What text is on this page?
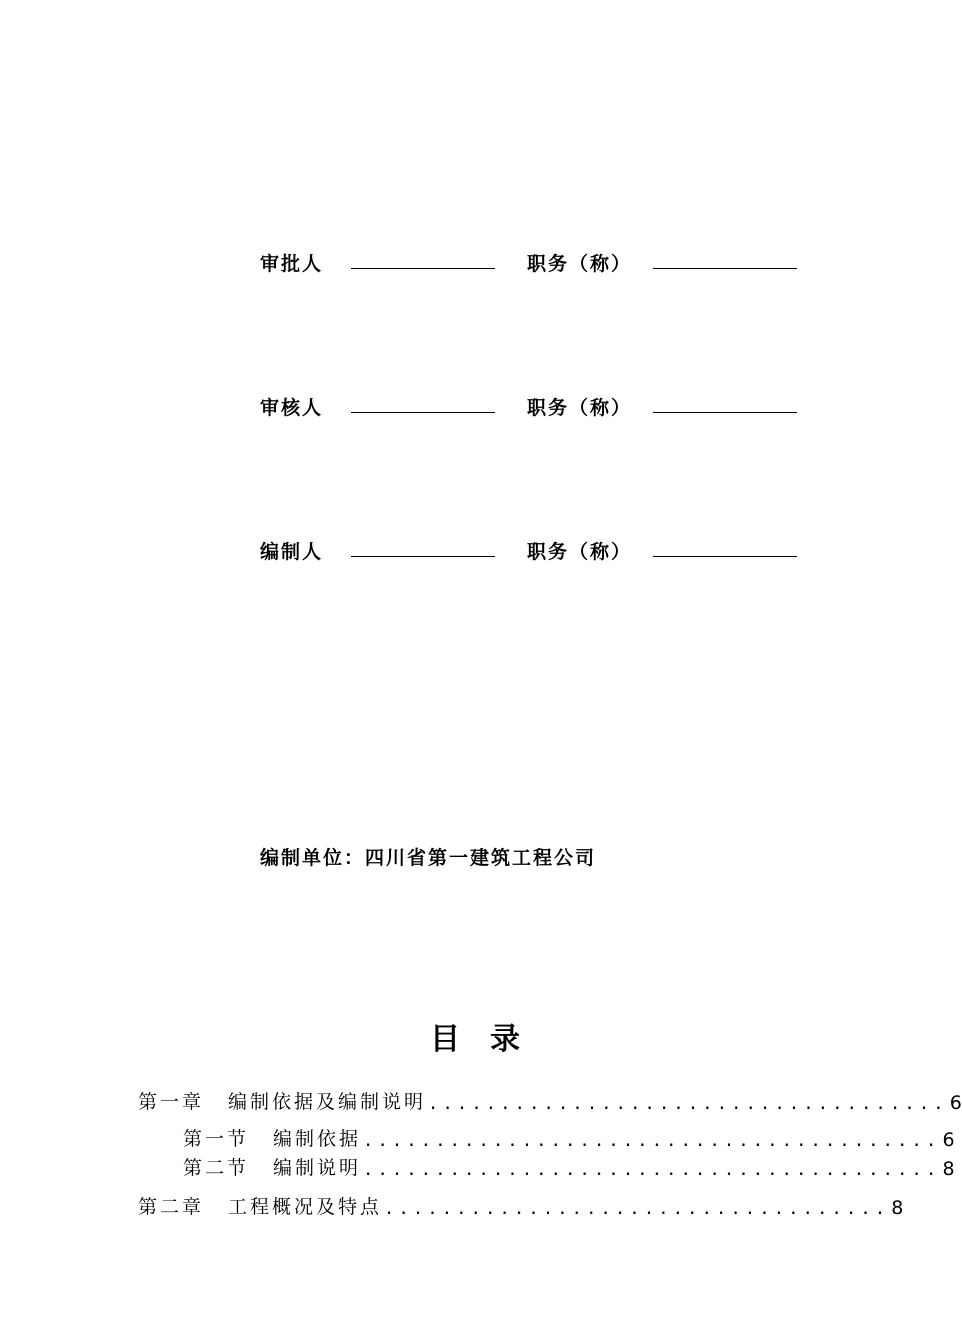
审批人	职务（称）
审核人	职务（称）
编制人	职务（称）
编制单位：四川省第一建筑工程公司
目 录
第一章 编制依据及编制说明 .................................... 6
第一节 编制依据 ........................................ 6
第二节 编制说明 ........................................ 8
第二章 工程概况及特点 ................................... 8
